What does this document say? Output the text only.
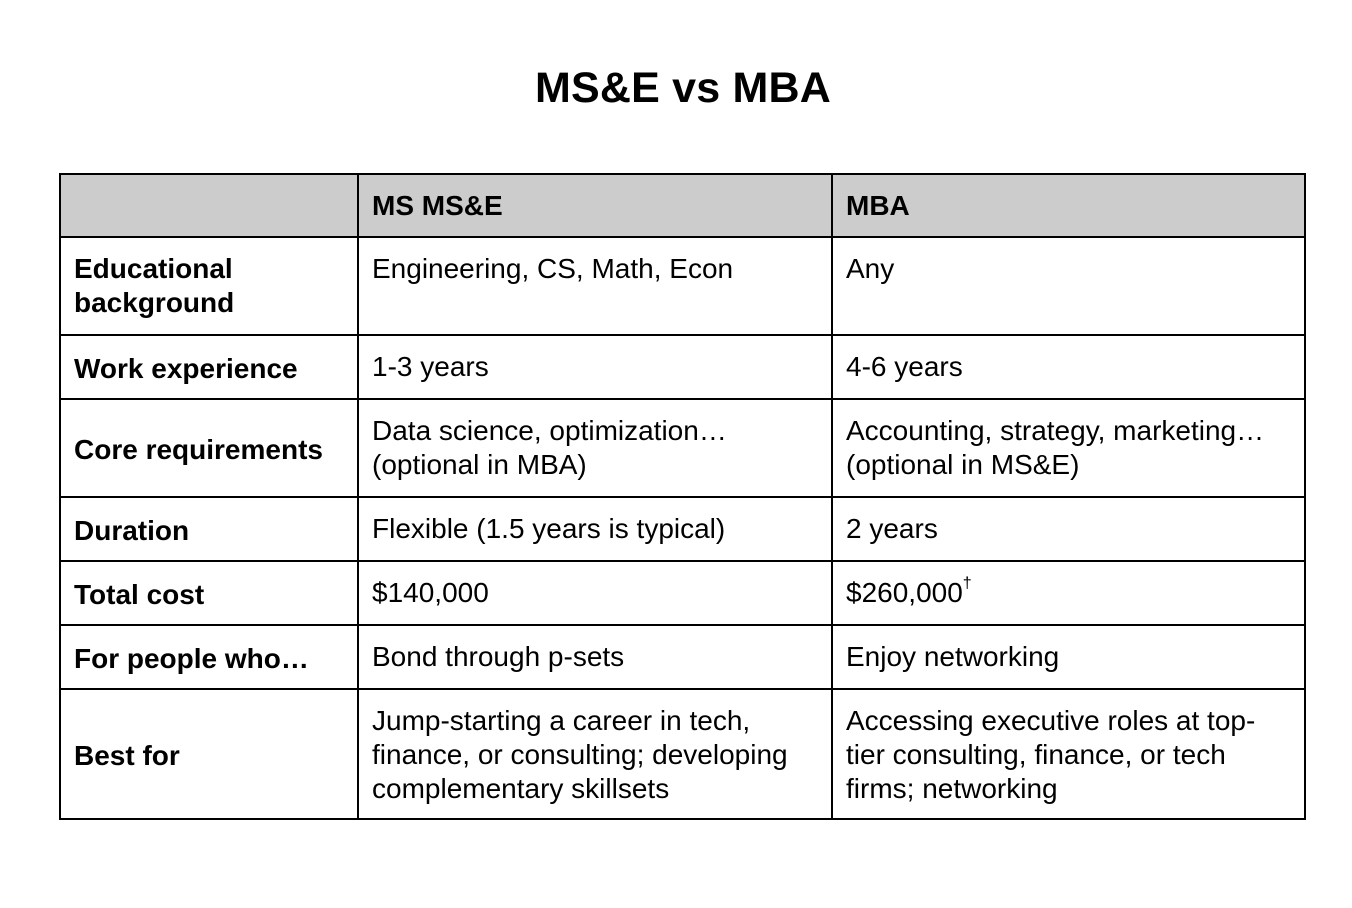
MS&E vs MBA
	MS MS&E	MBA
Educational background	Engineering, CS, Math, Econ	Any
Work experience	1-3 years	4-6 years
Core requirements	Data science, optimization… (optional in MBA)	Accounting, strategy, marketing… (optional in MS&E)
Duration	Flexible (1.5 years is typical)	2 years
Total cost	$140,000	$260,000†
For people who…	Bond through p-sets	Enjoy networking
Best for	Jump-starting a career in tech, finance, or consulting; developing complementary skillsets	Accessing executive roles at top-tier consulting, finance, or tech firms; networking
